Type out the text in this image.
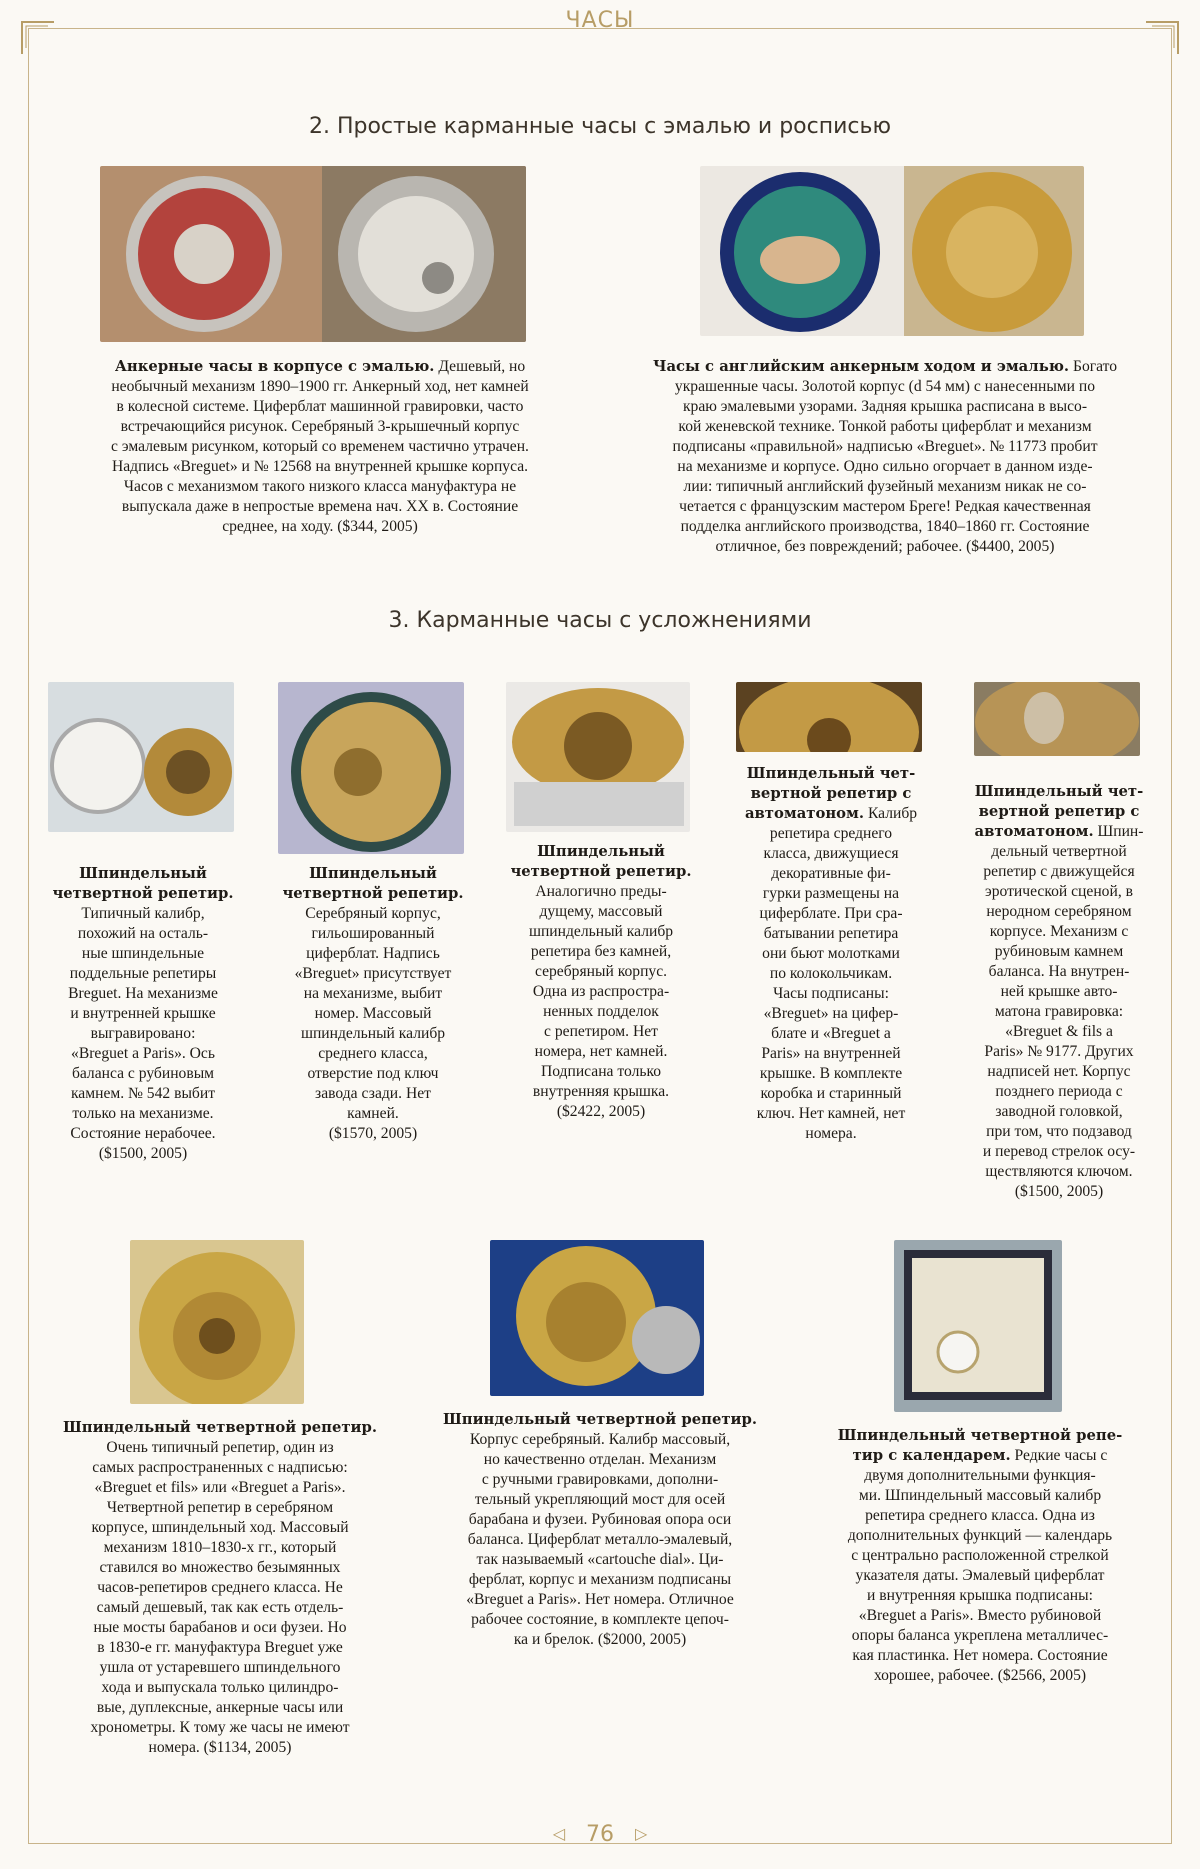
ЧАСЫ
2. Простые карманные часы с эмалью и росписью
Анкерные часы в корпусе с эмалью. Дешевый, но
необычный механизм 1890–1900 гг. Анкерный ход, нет камней
в колесной системе. Циферблат машинной гравировки, часто
встречающийся рисунок. Серебряный 3-крышечный корпус
с эмалевым рисунком, который со временем частично утрачен.
Надпись «Breguet» и № 12568 на внутренней крышке корпуса.
Часов с механизмом такого низкого класса мануфактура не
выпускала даже в непростые времена нач. XX в. Состояние
среднее, на ходу. ($344, 2005)
Часы с английским анкерным ходом и эмалью. Богато
украшенные часы. Золотой корпус (d 54 мм) с нанесенными по
краю эмалевыми узорами. Задняя крышка расписана в высо-
кой женевской технике. Тонкой работы циферблат и механизм
подписаны «правильной» надписью «Breguet». № 11773 пробит
на механизме и корпусе. Одно сильно огорчает в данном изде-
лии: типичный английский фузейный механизм никак не со-
четается с французским мастером Бреге! Редкая качественная
подделка английского производства, 1840–1860 гг. Состояние
отличное, без повреждений; рабочее. ($4400, 2005)
3. Карманные часы с усложнениями
Шпиндельный
четвертной репетир.
Типичный калибр,
похожий на осталь-
ные шпиндельные
поддельные репетиры
Breguet. На механизме
и внутренней крышке
выгравировано:
«Breguet a Paris». Ось
баланса с рубиновым
камнем. № 542 выбит
только на механизме.
Состояние нерабочее.
($1500, 2005)
Шпиндельный
четвертной репетир.
Серебряный корпус,
гильошированный
циферблат. Надпись
«Breguet» присутствует
на механизме, выбит
номер. Массовый
шпиндельный калибр
среднего класса,
отверстие под ключ
завода сзади. Нет
камней.
($1570, 2005)
Шпиндельный
четвертной репетир.
Аналогично преды-
дущему, массовый
шпиндельный калибр
репетира без камней,
серебряный корпус.
Одна из распростра-
ненных подделок
с репетиром. Нет
номера, нет камней.
Подписана только
внутренняя крышка.
($2422, 2005)
Шпиндельный чет-
вертной репетир с
автоматоном. Калибр
репетира среднего
класса, движущиеся
декоративные фи-
гурки размещены на
циферблате. При сра-
батывании репетира
они бьют молотками
по колокольчикам.
Часы подписаны:
«Breguet» на цифер-
блате и «Breguet a
Paris» на внутренней
крышке. В комплекте
коробка и старинный
ключ. Нет камней, нет
номера.
Шпиндельный чет-
вертной репетир с
автоматоном. Шпин-
дельный четвертной
репетир с движущейся
эротической сценой, в
неродном серебряном
корпусе. Механизм с
рубиновым камнем
баланса. На внутрен-
ней крышке авто-
матона гравировка:
«Breguet & fils a
Paris» № 9177. Других
надписей нет. Корпус
позднего периода с
заводной головкой,
при том, что подзавод
и перевод стрелок осу-
ществляются ключом.
($1500, 2005)
Шпиндельный четвертной репетир.
Очень типичный репетир, один из
самых распространенных с надписью:
«Breguet et fils» или «Breguet a Paris».
Четвертной репетир в серебряном
корпусе, шпиндельный ход. Массовый
механизм 1810–1830-х гг., который
ставился во множество безымянных
часов-репетиров среднего класса. Не
самый дешевый, так как есть отдель-
ные мосты барабанов и оси фузеи. Но
в 1830-е гг. мануфактура Breguet уже
ушла от устаревшего шпиндельного
хода и выпускала только цилиндро-
вые, дуплексные, анкерные часы или
хронометры. К тому же часы не имеют
номера. ($1134, 2005)
Шпиндельный четвертной репетир.
Корпус серебряный. Калибр массовый,
но качественно отделан. Механизм
с ручными гравировками, дополни-
тельный укрепляющий мост для осей
барабана и фузеи. Рубиновая опора оси
баланса. Циферблат металло-эмалевый,
так называемый «cartouche dial». Ци-
ферблат, корпус и механизм подписаны
«Breguet a Paris». Нет номера. Отличное
рабочее состояние, в комплекте цепоч-
ка и брелок. ($2000, 2005)
Шпиндельный четвертной репе-
тир с календарем. Редкие часы с
двумя дополнительными функция-
ми. Шпиндельный массовый калибр
репетира среднего класса. Одна из
дополнительных функций — календарь
с центрально расположенной стрелкой
указателя даты. Эмалевый циферблат
и внутренняя крышка подписаны:
«Breguet a Paris». Вместо рубиновой
опоры баланса укреплена металличес-
кая пластинка. Нет номера. Состояние
хорошее, рабочее. ($2566, 2005)
◁ 76 ▷
